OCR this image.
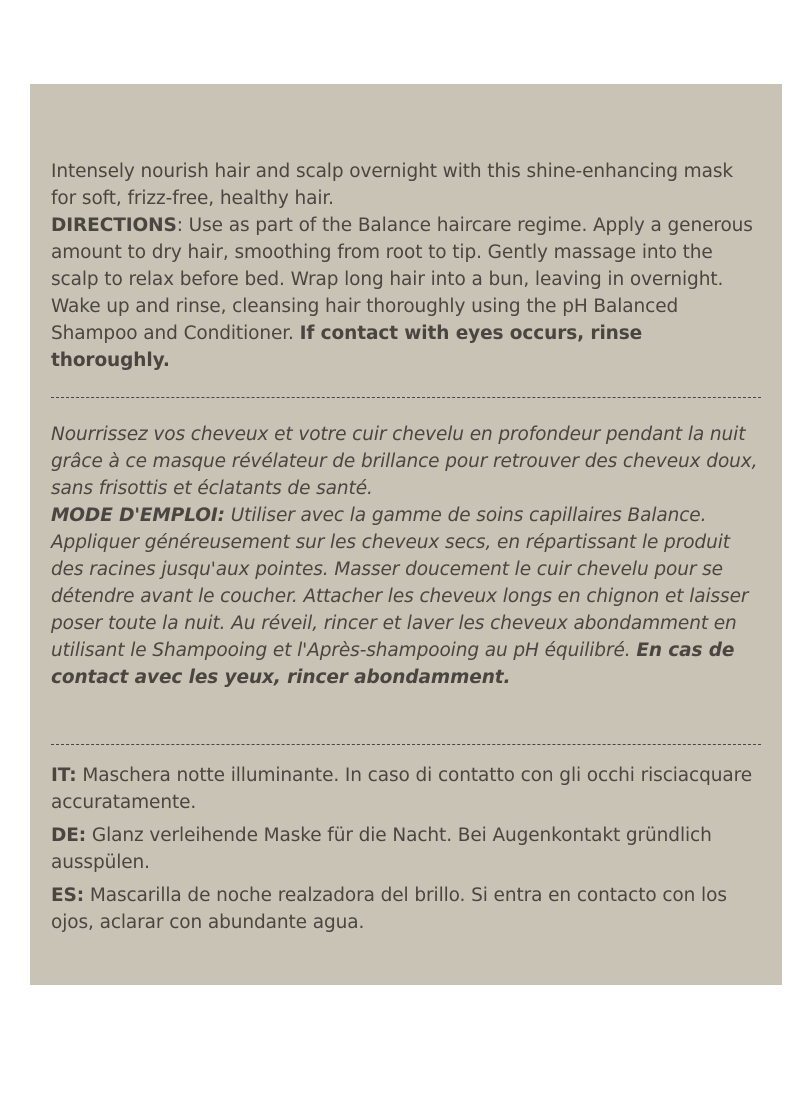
Intensely nourish hair and scalp overnight with this shine-enhancing mask for soft, frizz-free, healthy hair.
DIRECTIONS: Use as part of the Balance haircare regime. Apply a generous amount to dry hair, smoothing from root to tip. Gently massage into the scalp to relax before bed. Wrap long hair into a bun, leaving in overnight. Wake up and rinse, cleansing hair thoroughly using the pH Balanced Shampoo and Conditioner. If contact with eyes occurs, rinse thoroughly.

Nourrissez vos cheveux et votre cuir chevelu en profondeur pendant la nuit grâce à ce masque révélateur de brillance pour retrouver des cheveux doux, sans frisottis et éclatants de santé.
MODE D'EMPLOI: Utiliser avec la gamme de soins capillaires Balance. Appliquer généreusement sur les cheveux secs, en répartissant le produit des racines jusqu'aux pointes. Masser doucement le cuir chevelu pour se détendre avant le coucher. Attacher les cheveux longs en chignon et laisser poser toute la nuit. Au réveil, rincer et laver les cheveux abondamment en utilisant le Shampooing et l'Après-shampooing au pH équilibré. En cas de contact avec les yeux, rincer abondamment.

IT: Maschera notte illuminante. In caso di contatto con gli occhi risciacquare accuratamente.

DE: Glanz verleihende Maske für die Nacht. Bei Augenkontakt gründlich ausspülen.

ES: Mascarilla de noche realzadora del brillo. Si entra en contacto con los ojos, aclarar con abundante agua.
